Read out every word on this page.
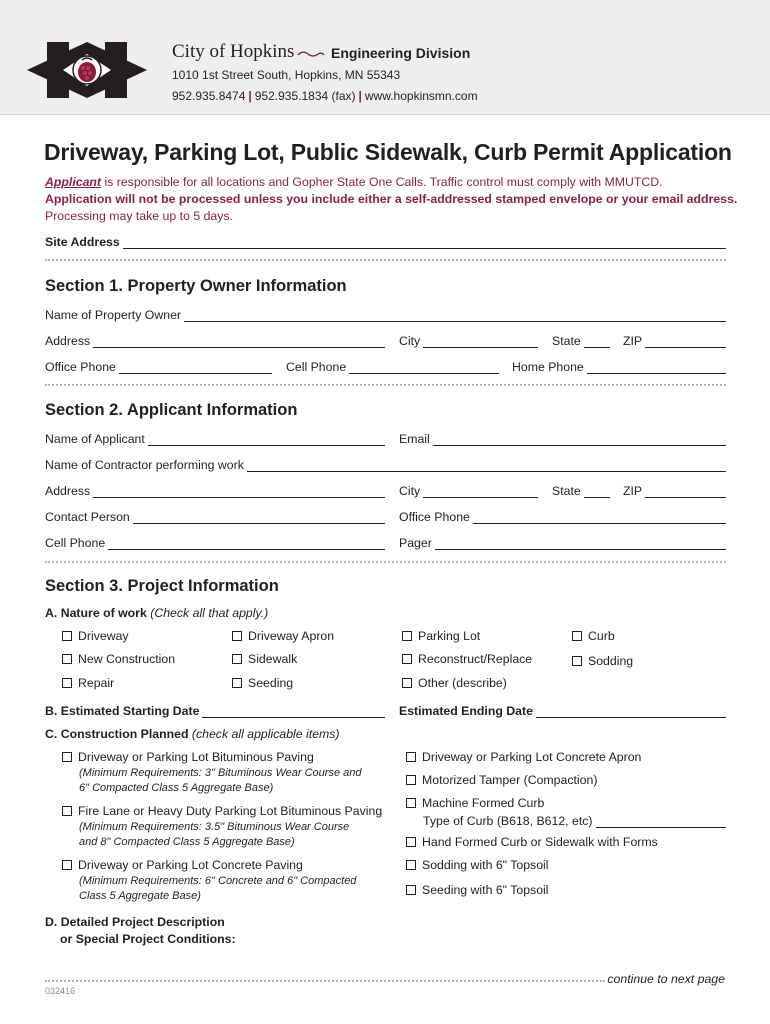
City of Hopkins	Engineering Division
1010 1st Street South, Hopkins, MN 55343
952.935.8474 | 952.935.1834 (fax) | www.hopkinsmn.com
Driveway, Parking Lot, Public Sidewalk, Curb Permit Application
Applicant is responsible for all locations and Gopher State One Calls. Traffic control must comply with MMUTCD.
Application will not be processed unless you include either a self-addressed stamped envelope or your email address.
Processing may take up to 5 days.
Site Address
Section 1. Property Owner Information
Name of Property Owner
Address	City	State	ZIP
Office Phone	Cell Phone	Home Phone
Section 2. Applicant Information
Name of Applicant	Email
Name of Contractor performing work
Address	City	State	ZIP
Contact Person	Office Phone
Cell Phone	Pager
Section 3. Project Information
A. Nature of work (Check all that apply.)
Driveway	Driveway Apron	Parking Lot	Curb
New Construction	Sidewalk	Reconstruct/Replace	Sodding
Repair	Seeding	Other (describe)
B. Estimated Starting Date	Estimated Ending Date
C. Construction Planned (check all applicable items)
Driveway or Parking Lot Bituminous Paving
(Minimum Requirements: 3" Bituminous Wear Course and
6" Compacted Class 5 Aggregate Base)
Fire Lane or Heavy Duty Parking Lot Bituminous Paving
(Minimum Requirements: 3.5" Bituminous Wear Course
and 8" Compacted Class 5 Aggregate Base)
Driveway or Parking Lot Concrete Paving
(Minimum Requirements: 6" Concrete and 6" Compacted
Class 5 Aggregate Base)
Driveway or Parking Lot Concrete Apron
Motorized Tamper (Compaction)
Machine Formed Curb
Type of Curb (B618, B612, etc)
Hand Formed Curb or Sidewalk with Forms
Sodding with 6" Topsoil
Seeding with 6" Topsoil
D. Detailed Project Description
or Special Project Conditions:
continue to next page
032416
